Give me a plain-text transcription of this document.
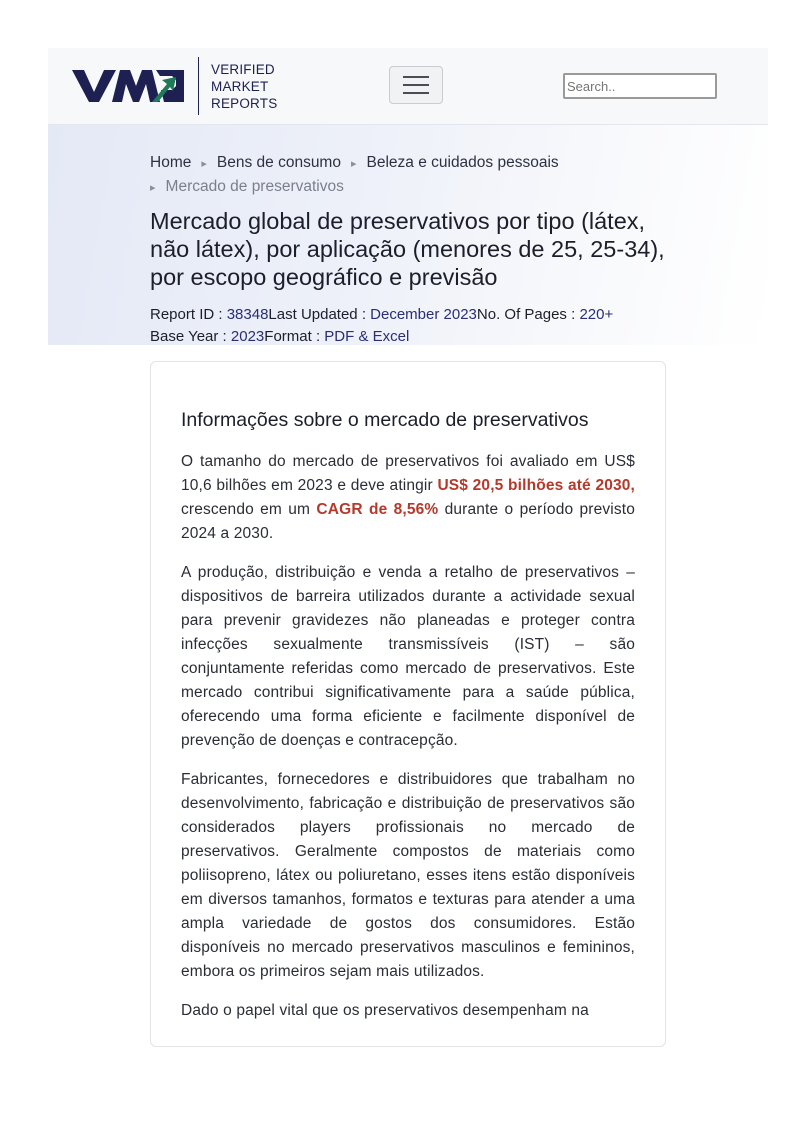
VERIFIED
MARKET
REPORTS
Search..
Home ▸ Bens de consumo ▸ Beleza e cuidados pessoais
▸ Mercado de preservativos
Mercado global de preservativos por tipo (látex, não látex), por aplicação (menores de 25, 25-34), por escopo geográfico e previsão
Report ID : 38348Last Updated : December 2023No. Of Pages : 220+
Base Year : 2023Format : PDF & Excel
Informações sobre o mercado de preservativos

O tamanho do mercado de preservativos foi avaliado em US$ 10,6 bilhões em 2023 e deve atingir US$ 20,5 bilhões até 2030, crescendo em um CAGR de 8,56% durante o período previsto 2024 a 2030.

A produção, distribuição e venda a retalho de preservativos – dispositivos de barreira utilizados durante a actividade sexual para prevenir gravidezes não planeadas e proteger contra infecções sexualmente transmissíveis (IST) – são conjuntamente referidas como mercado de preservativos. Este mercado contribui significativamente para a saúde pública, oferecendo uma forma eficiente e facilmente disponível de prevenção de doenças e contracepção.

Fabricantes, fornecedores e distribuidores que trabalham no desenvolvimento, fabricação e distribuição de preservativos são considerados players profissionais no mercado de preservativos. Geralmente compostos de materiais como poliisopreno, látex ou poliuretano, esses itens estão disponíveis em diversos tamanhos, formatos e texturas para atender a uma ampla variedade de gostos dos consumidores. Estão disponíveis no mercado preservativos masculinos e femininos, embora os primeiros sejam mais utilizados.

Dado o papel vital que os preservativos desempenham na
